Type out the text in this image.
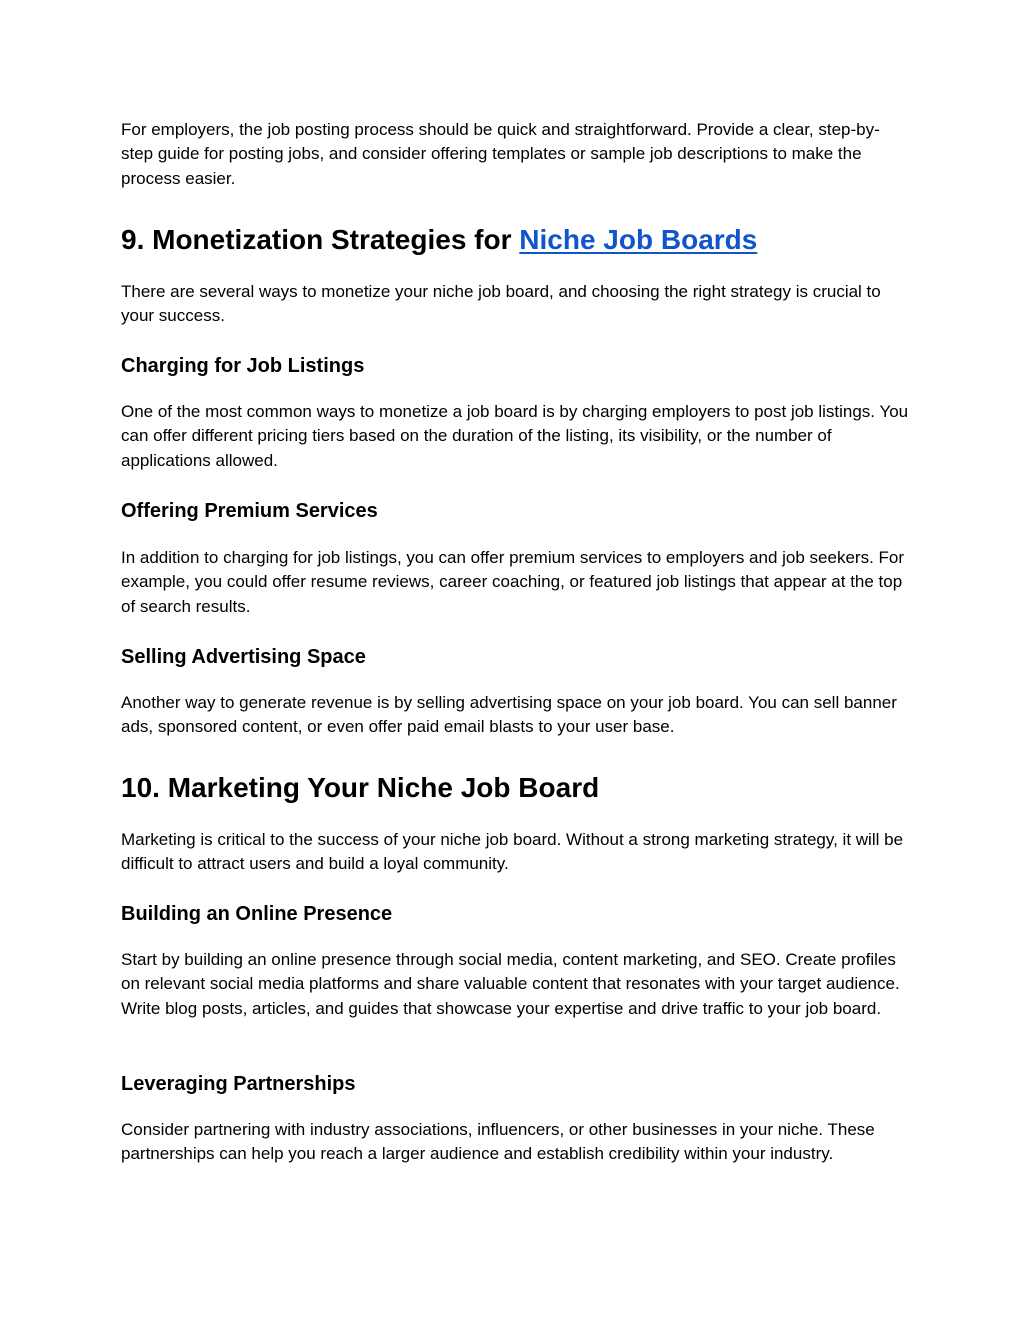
For employers, the job posting process should be quick and straightforward. Provide a clear, step-by-step guide for posting jobs, and consider offering templates or sample job descriptions to make the process easier.

9. Monetization Strategies for Niche Job Boards

There are several ways to monetize your niche job board, and choosing the right strategy is crucial to your success.

Charging for Job Listings

One of the most common ways to monetize a job board is by charging employers to post job listings. You can offer different pricing tiers based on the duration of the listing, its visibility, or the number of applications allowed.

Offering Premium Services

In addition to charging for job listings, you can offer premium services to employers and job seekers. For example, you could offer resume reviews, career coaching, or featured job listings that appear at the top of search results.

Selling Advertising Space

Another way to generate revenue is by selling advertising space on your job board. You can sell banner ads, sponsored content, or even offer paid email blasts to your user base.

10. Marketing Your Niche Job Board

Marketing is critical to the success of your niche job board. Without a strong marketing strategy, it will be difficult to attract users and build a loyal community.

Building an Online Presence

Start by building an online presence through social media, content marketing, and SEO. Create profiles on relevant social media platforms and share valuable content that resonates with your target audience. Write blog posts, articles, and guides that showcase your expertise and drive traffic to your job board.

Leveraging Partnerships

Consider partnering with industry associations, influencers, or other businesses in your niche. These partnerships can help you reach a larger audience and establish credibility within your industry.
